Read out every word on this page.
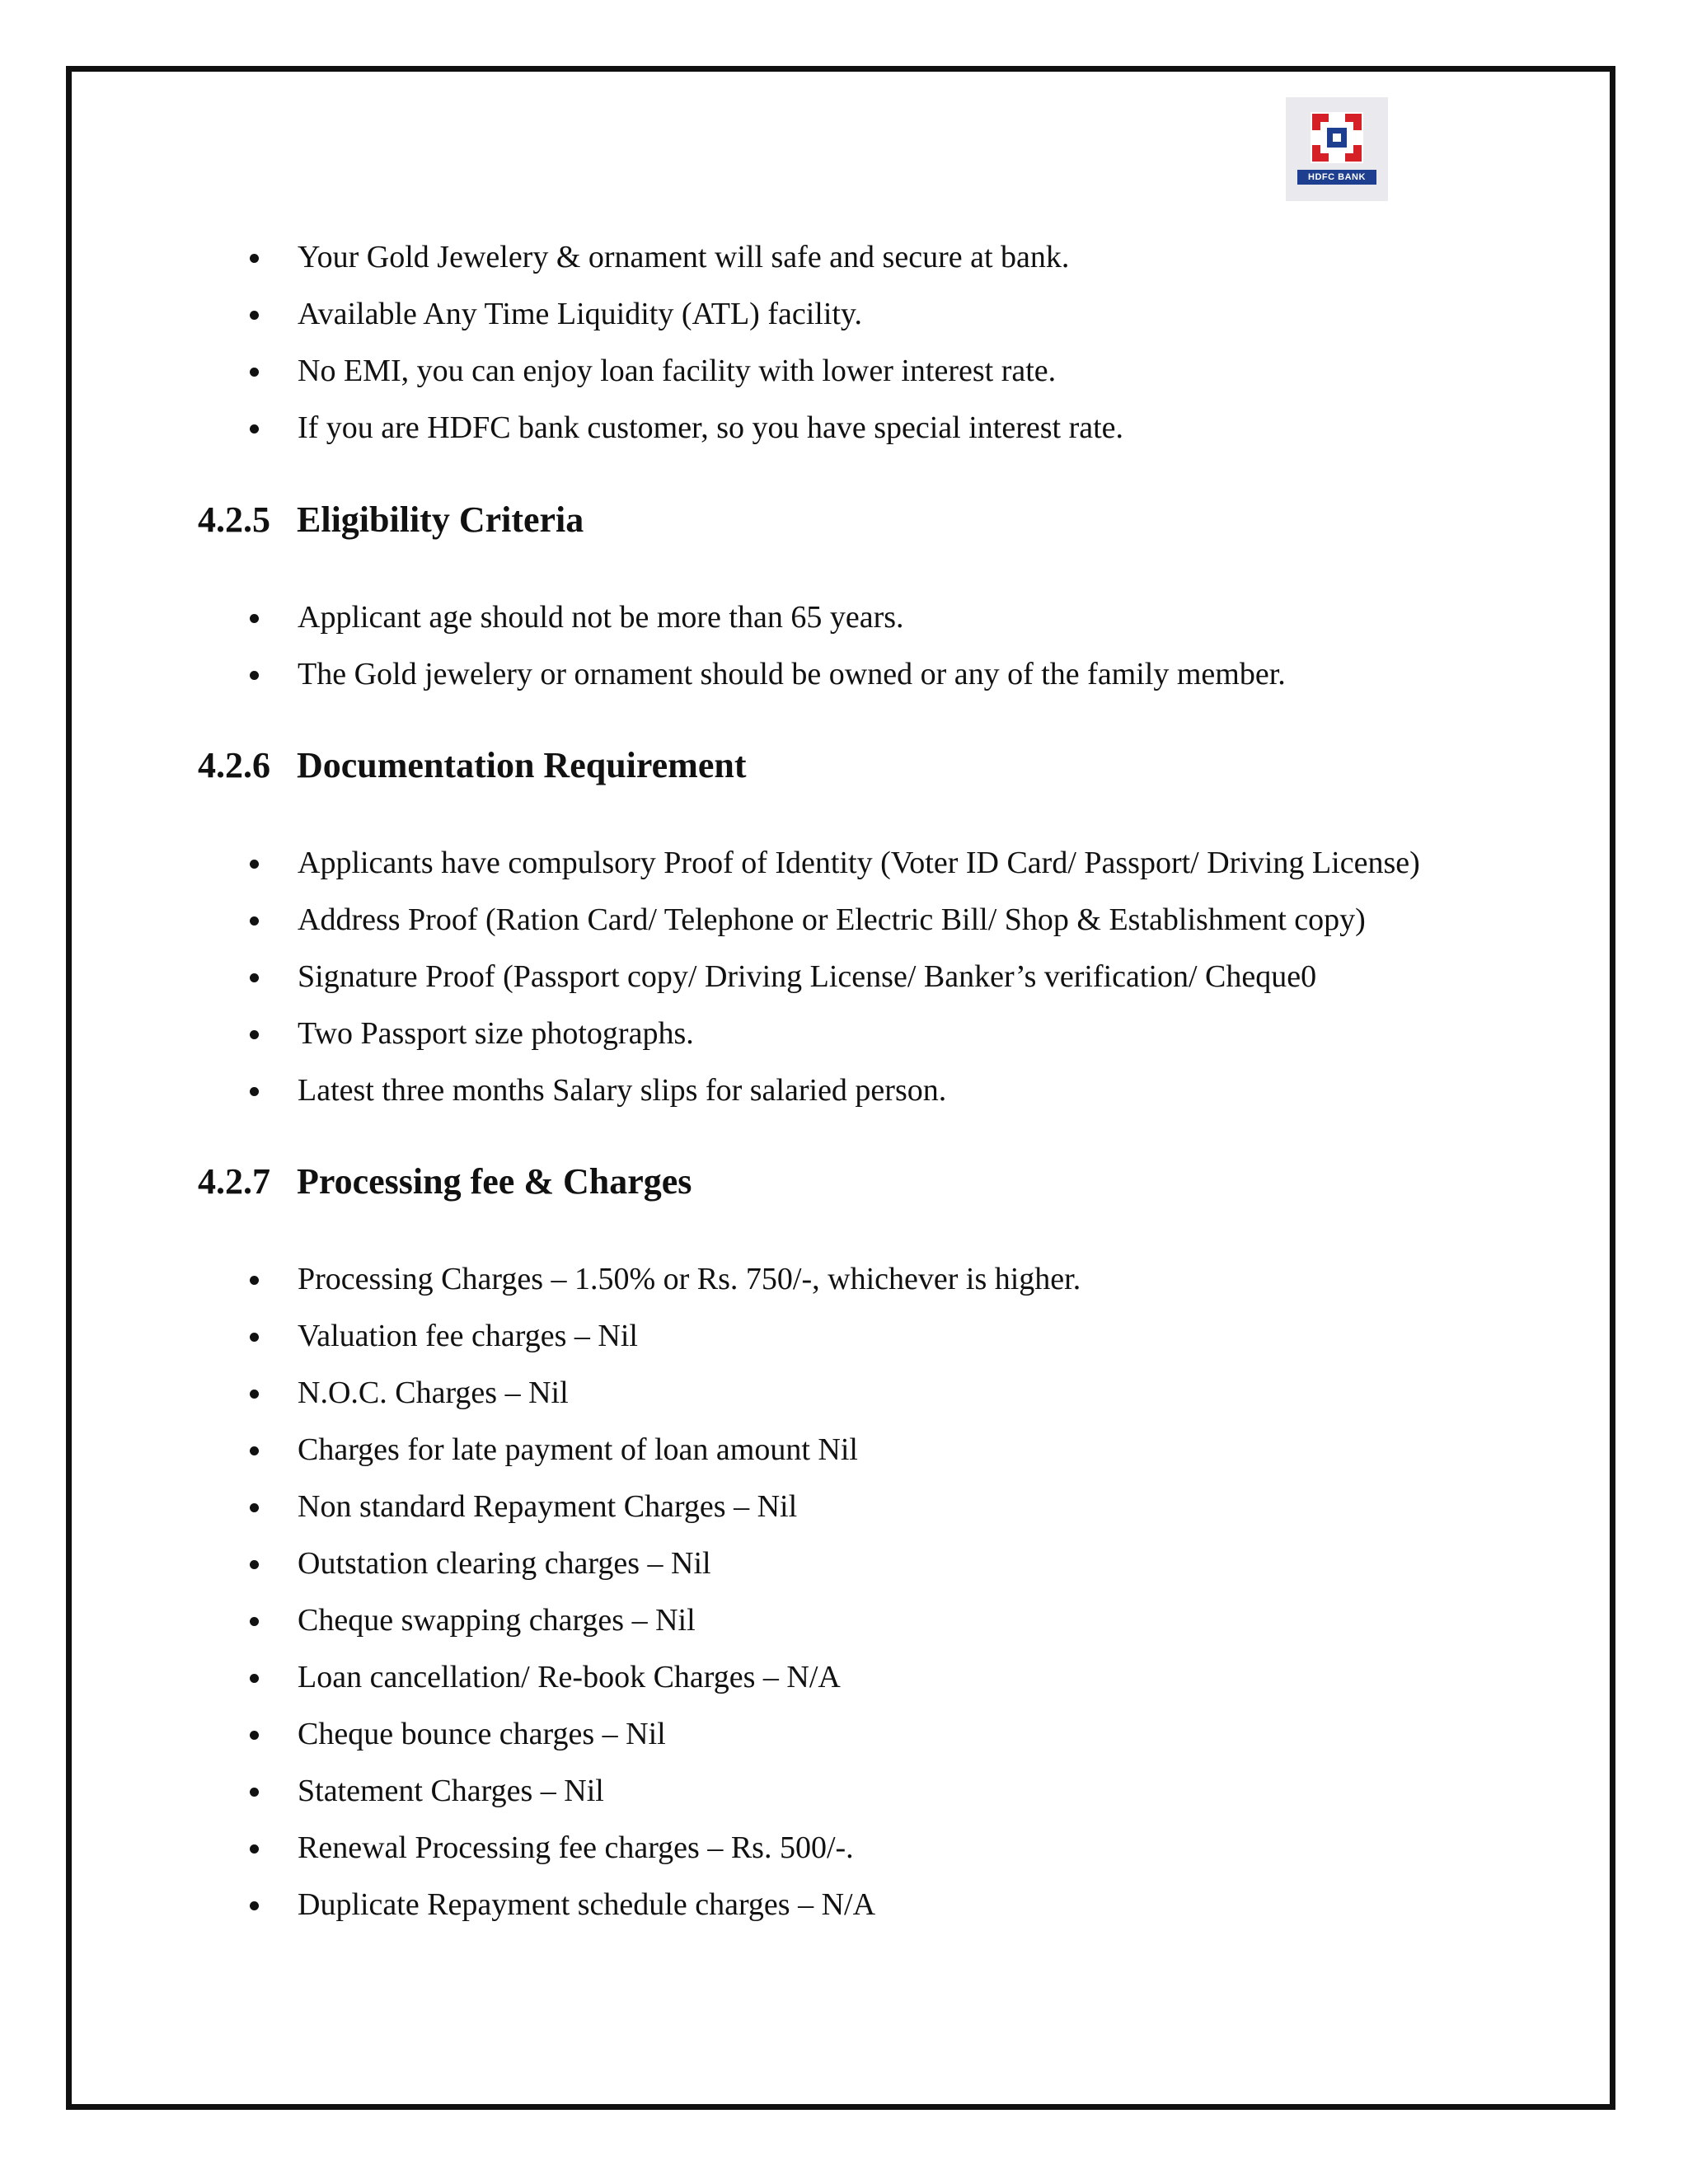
HDFC BANK
Your Gold Jewelery & ornament will safe and secure at bank.
Available Any Time Liquidity (ATL) facility.
No EMI, you can enjoy loan facility with lower interest rate.
If you are HDFC bank customer, so you have special interest rate.
4.2.5 Eligibility Criteria
Applicant age should not be more than 65 years.
The Gold jewelery or ornament should be owned or any of the family member.
4.2.6 Documentation Requirement
Applicants have compulsory Proof of Identity (Voter ID Card/ Passport/ Driving License)
Address Proof (Ration Card/ Telephone or Electric Bill/ Shop & Establishment copy)
Signature Proof (Passport copy/ Driving License/ Banker’s verification/ Cheque0
Two Passport size photographs.
Latest three months Salary slips for salaried person.
4.2.7 Processing fee & Charges
Processing Charges – 1.50% or Rs. 750/-, whichever is higher.
Valuation fee charges – Nil
N.O.C. Charges – Nil
Charges for late payment of loan amount Nil
Non standard Repayment Charges – Nil
Outstation clearing charges – Nil
Cheque swapping charges – Nil
Loan cancellation/ Re-book Charges – N/A
Cheque bounce charges – Nil
Statement Charges – Nil
Renewal Processing fee charges – Rs. 500/-.
Duplicate Repayment schedule charges – N/A
